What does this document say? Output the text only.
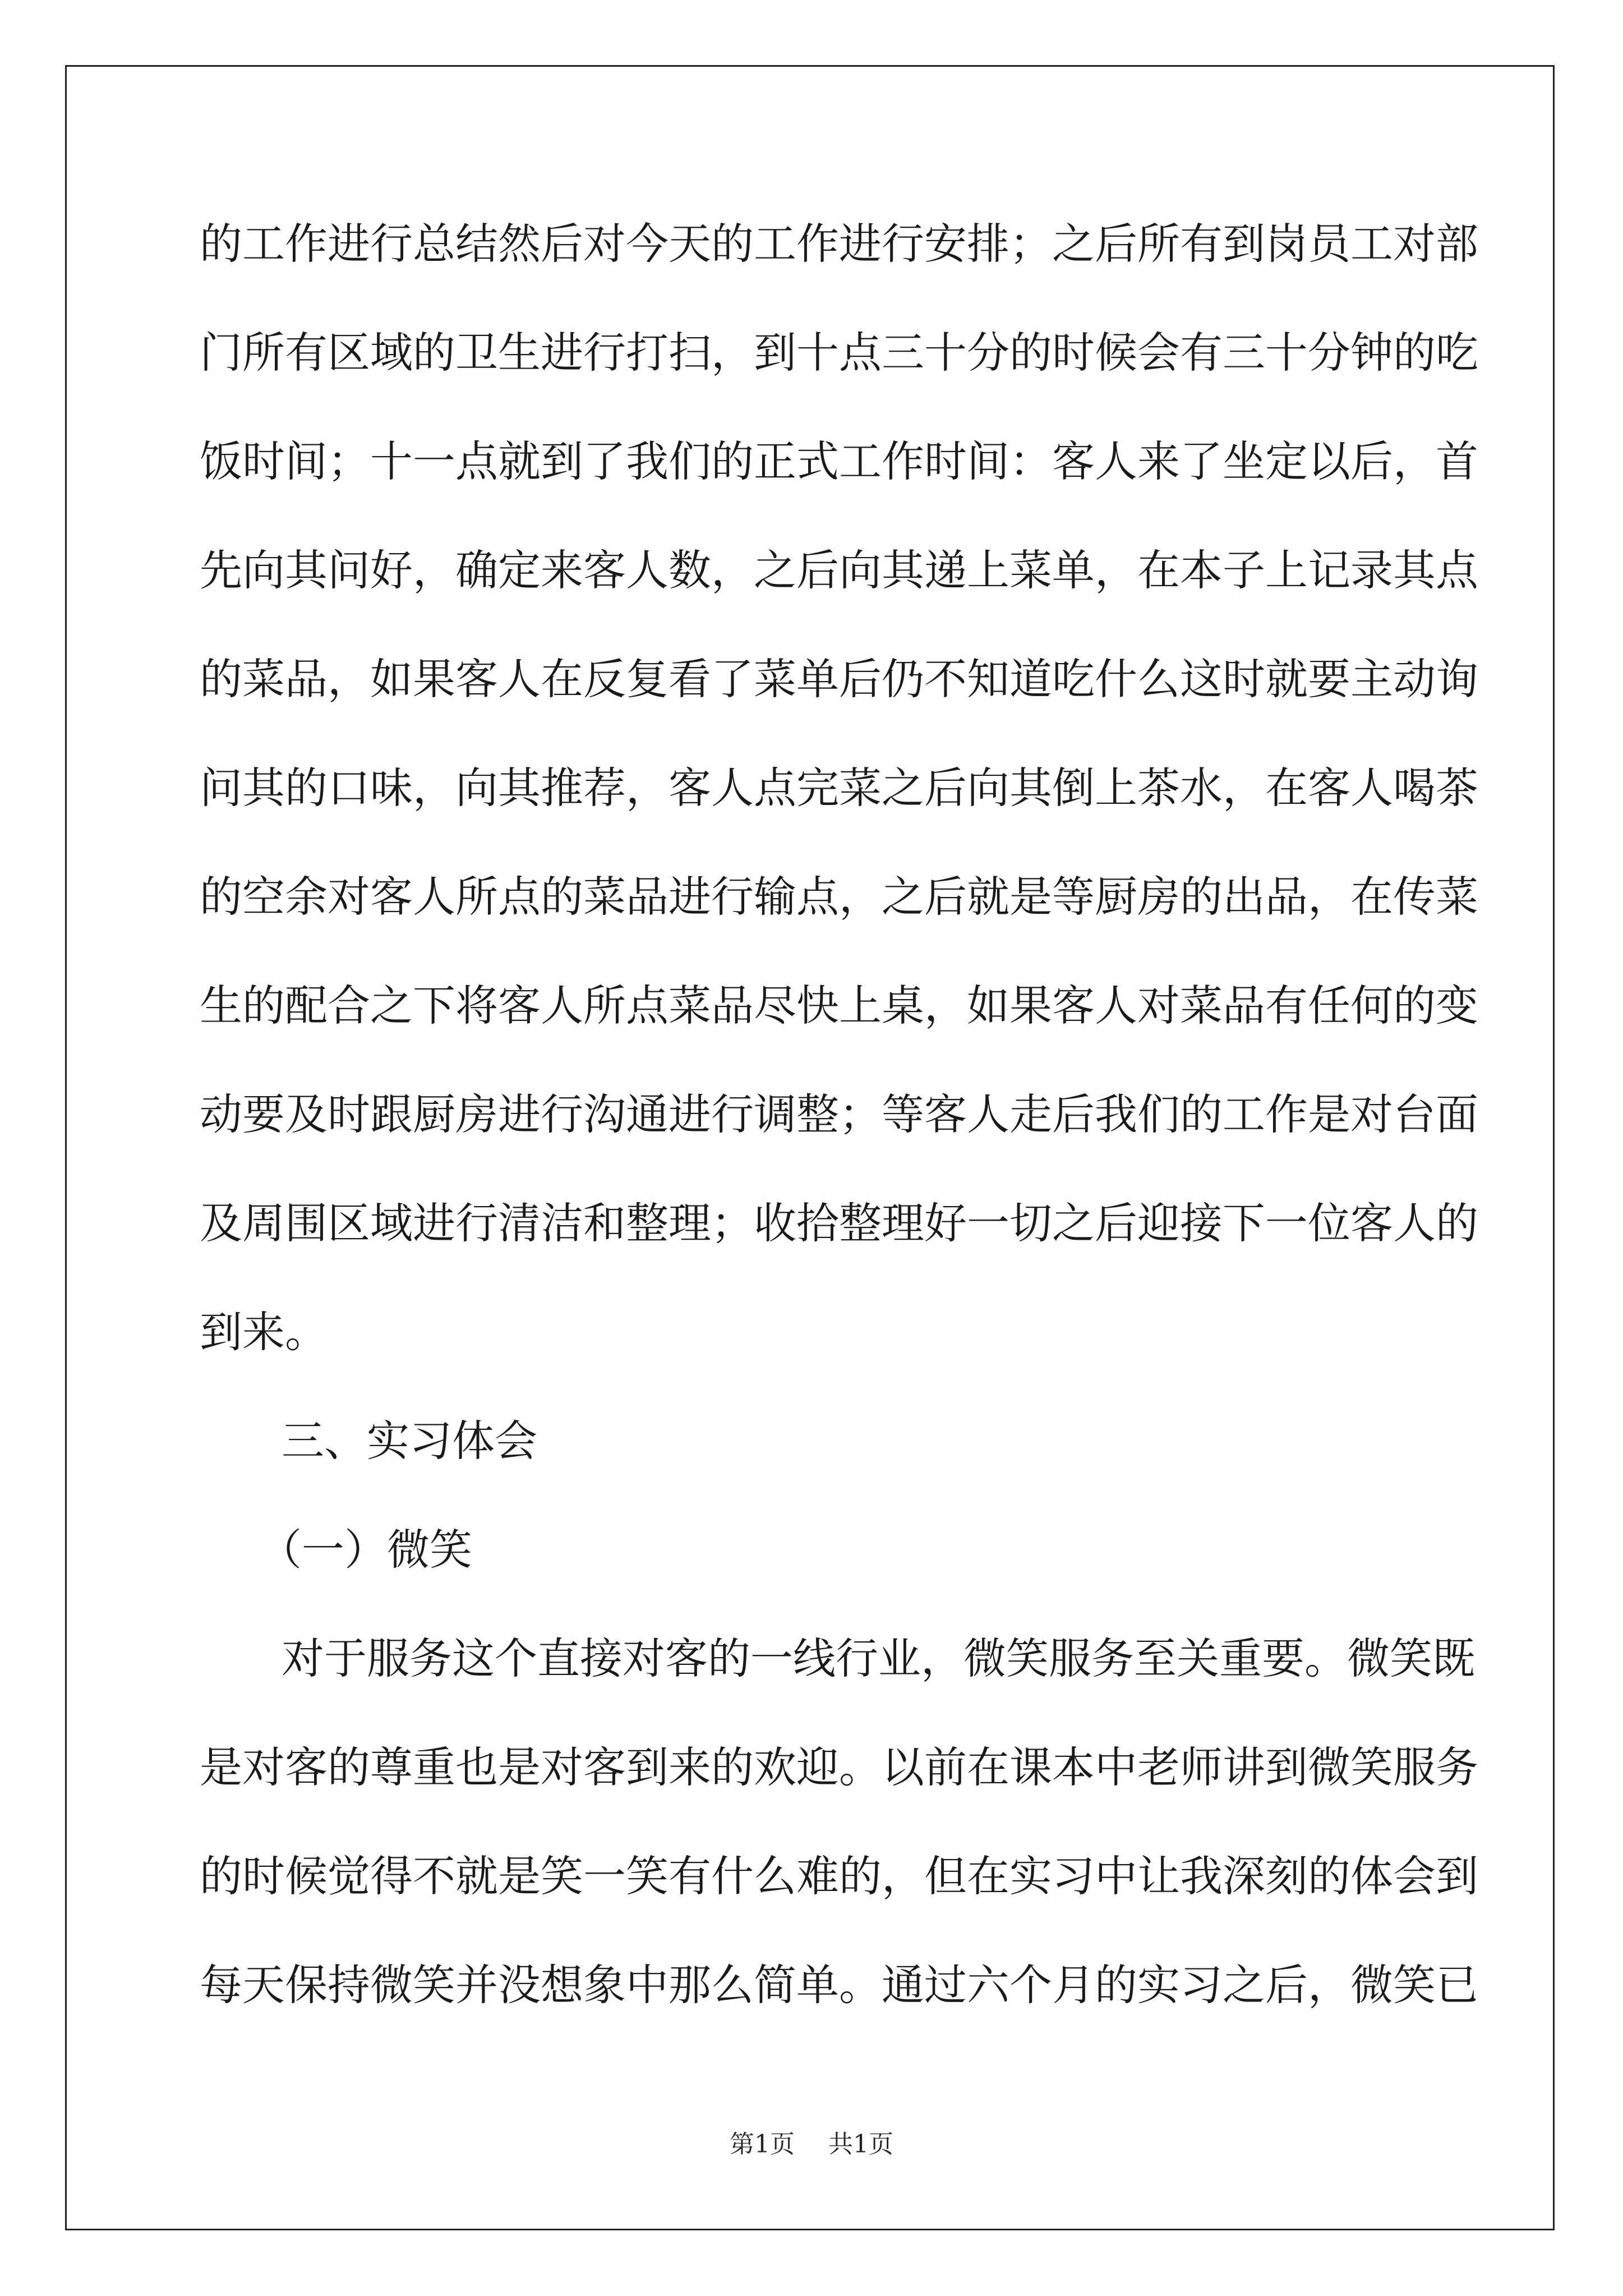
的工作进行总结然后对今天的工作进行安排；之后所有到岗员工对部
门所有区域的卫生进行打扫，到十点三十分的时候会有三十分钟的吃
饭时间；十一点就到了我们的正式工作时间：客人来了坐定以后，首
先向其问好，确定来客人数，之后向其递上菜单，在本子上记录其点
的菜品，如果客人在反复看了菜单后仍不知道吃什么这时就要主动询
问其的口味，向其推荐，客人点完菜之后向其倒上茶水，在客人喝茶
的空余对客人所点的菜品进行输点，之后就是等厨房的出品，在传菜
生的配合之下将客人所点菜品尽快上桌，如果客人对菜品有任何的变
动要及时跟厨房进行沟通进行调整；等客人走后我们的工作是对台面
及周围区域进行清洁和整理；收拾整理好一切之后迎接下一位客人的
到来。
三、实习体会
（一）微笑
对于服务这个直接对客的一线行业，微笑服务至关重要。微笑既
是对客的尊重也是对客到来的欢迎。以前在课本中老师讲到微笑服务
的时候觉得不就是笑一笑有什么难的，但在实习中让我深刻的体会到
每天保持微笑并没想象中那么简单。通过六个月的实习之后，微笑已
第1页 共1页
